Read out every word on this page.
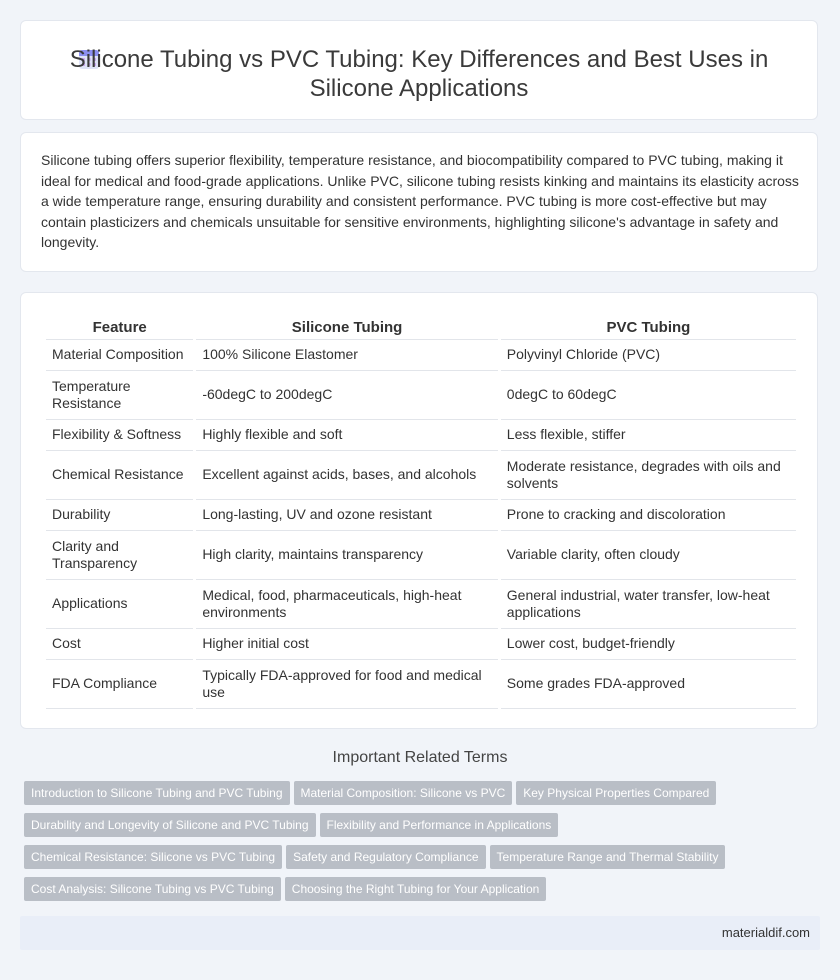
Silicone Tubing vs PVC Tubing: Key Differences and Best Uses in
Silicone Applications

Silicone tubing offers superior flexibility, temperature resistance, and biocompatibility compared to PVC tubing, making it ideal for medical and food-grade applications. Unlike PVC, silicone tubing resists kinking and maintains its elasticity across a wide temperature range, ensuring durability and consistent performance. PVC tubing is more cost-effective but may contain plasticizers and chemicals unsuitable for sensitive environments, highlighting silicone's advantage in safety and longevity.

Feature	Silicone Tubing	PVC Tubing
Material Composition	100% Silicone Elastomer	Polyvinyl Chloride (PVC)
Temperature Resistance	-60degC to 200degC	0degC to 60degC
Flexibility & Softness	Highly flexible and soft	Less flexible, stiffer
Chemical Resistance	Excellent against acids, bases, and alcohols	Moderate resistance, degrades with oils and solvents
Durability	Long-lasting, UV and ozone resistant	Prone to cracking and discoloration
Clarity and Transparency	High clarity, maintains transparency	Variable clarity, often cloudy
Applications	Medical, food, pharmaceuticals, high-heat environments	General industrial, water transfer, low-heat applications
Cost	Higher initial cost	Lower cost, budget-friendly
FDA Compliance	Typically FDA-approved for food and medical use	Some grades FDA-approved
Important Related Terms
Introduction to Silicone Tubing and PVC Tubing Material Composition: Silicone vs PVC Key Physical Properties Compared
Durability and Longevity of Silicone and PVC Tubing Flexibility and Performance in Applications
Chemical Resistance: Silicone vs PVC Tubing Safety and Regulatory Compliance Temperature Range and Thermal Stability
Cost Analysis: Silicone Tubing vs PVC Tubing Choosing the Right Tubing for Your Application
materialdif.com
